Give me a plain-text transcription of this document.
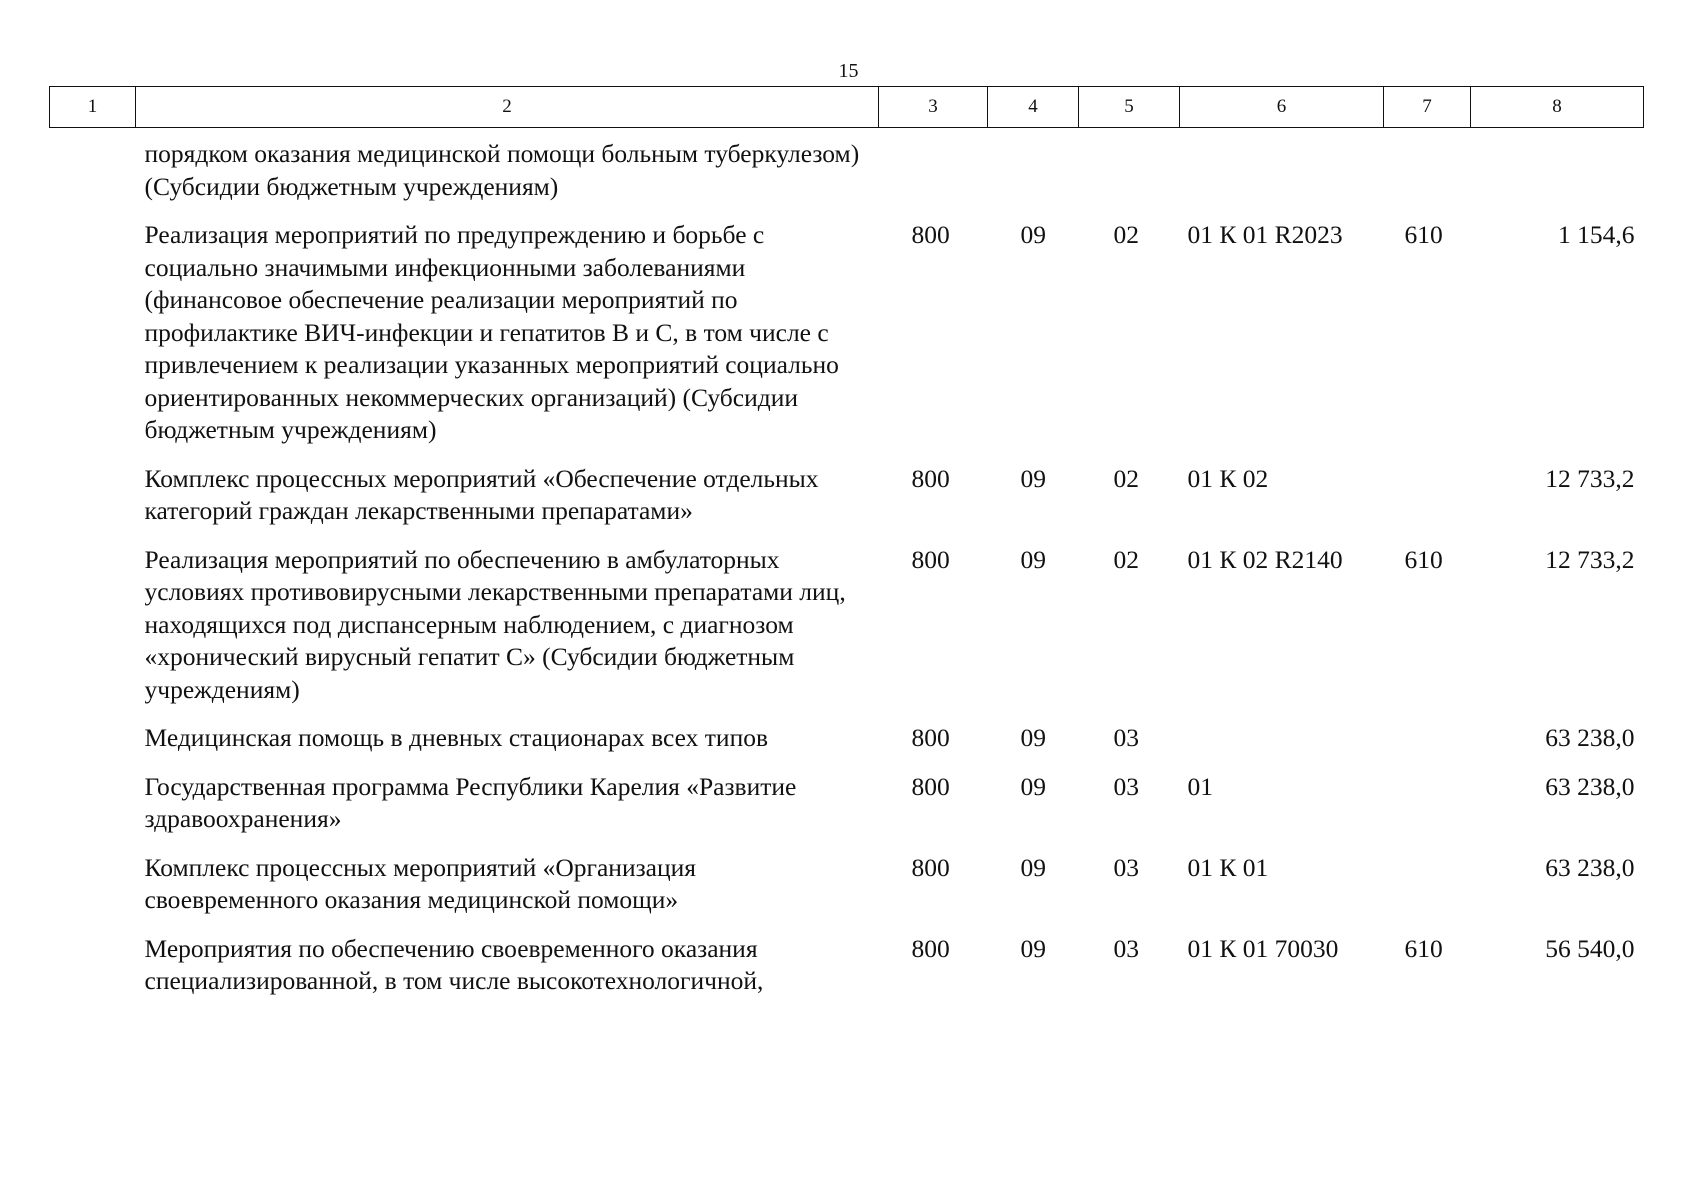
15
1	2	3	4	5	6	7	8
	порядком оказания медицинской помощи больным туберкулезом) (Субсидии бюджетным учреждениям)						
	Реализация мероприятий по предупреждению и борьбе с социально значимыми инфекционными заболеваниями (финансовое обеспечение реализации мероприятий по профилактике ВИЧ-инфекции и гепатитов B и C, в том числе с привлечением к реализации указанных мероприятий социально ориентированных некоммерческих организаций) (Субсидии бюджетным учреждениям)	800	09	02	01 К 01 R2023	610	1 154,6
	Комплекс процессных мероприятий «Обеспечение отдельных категорий граждан лекарственными препаратами»	800	09	02	01 К 02		12 733,2
	Реализация мероприятий по обеспечению в амбулаторных условиях противовирусными лекарственными препаратами лиц, находящихся под диспансерным наблюдением, с диагнозом «хронический вирусный гепатит C» (Субсидии бюджетным учреждениям)	800	09	02	01 К 02 R2140	610	12 733,2
	Медицинская помощь в дневных стационарах всех типов	800	09	03			63 238,0
	Государственная программа Республики Карелия «Развитие здравоохранения»	800	09	03	01		63 238,0
	Комплекс процессных мероприятий «Организация своевременного оказания медицинской помощи»	800	09	03	01 К 01		63 238,0
	Мероприятия по обеспечению своевременного оказания специализированной, в том числе высокотехнологичной,	800	09	03	01 К 01 70030	610	56 540,0
